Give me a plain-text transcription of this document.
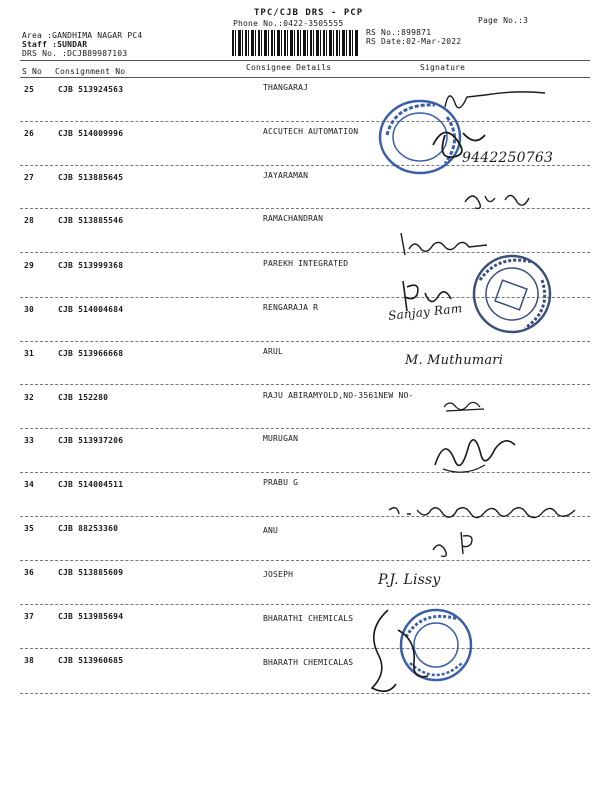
TPC/CJB DRS - PCP
Phone No.:0422-3505555	Page No.:3
Area :GANDHIMA NAGAR PC4
Staff :SUNDAR
DRS No. :DCJB89987103
RS No.:899871
RS Date:02-Mar-2022
S No Consignment No	Consignee Details	Signature
25	CJB 513924563	THANGARAJ
26	CJB 514009996	ACCUTECH AUTOMATION
27	CJB 513885645	JAYARAMAN
28	CJB 513885546	RAMACHANDRAN
29	CJB 513999368	PAREKH INTEGRATED
30	CJB 514004684	RENGARAJA R
31	CJB 513966668	ARUL
32	CJB 152280	RAJU ABIRAMYOLD,NO-3561NEW NO-
33	CJB 513937206	MURUGAN
34	CJB 514004511	PRABU G
35	CJB 88253360	ANU
36	CJB 513885609	JOSEPH
37	CJB 513985694	BHARATHI CHEMICALS
38	CJB 513960685	BHARATH CHEMICALAS
9442250763
Sanjay Ram
M. Muthumari
P.J. Lissy
